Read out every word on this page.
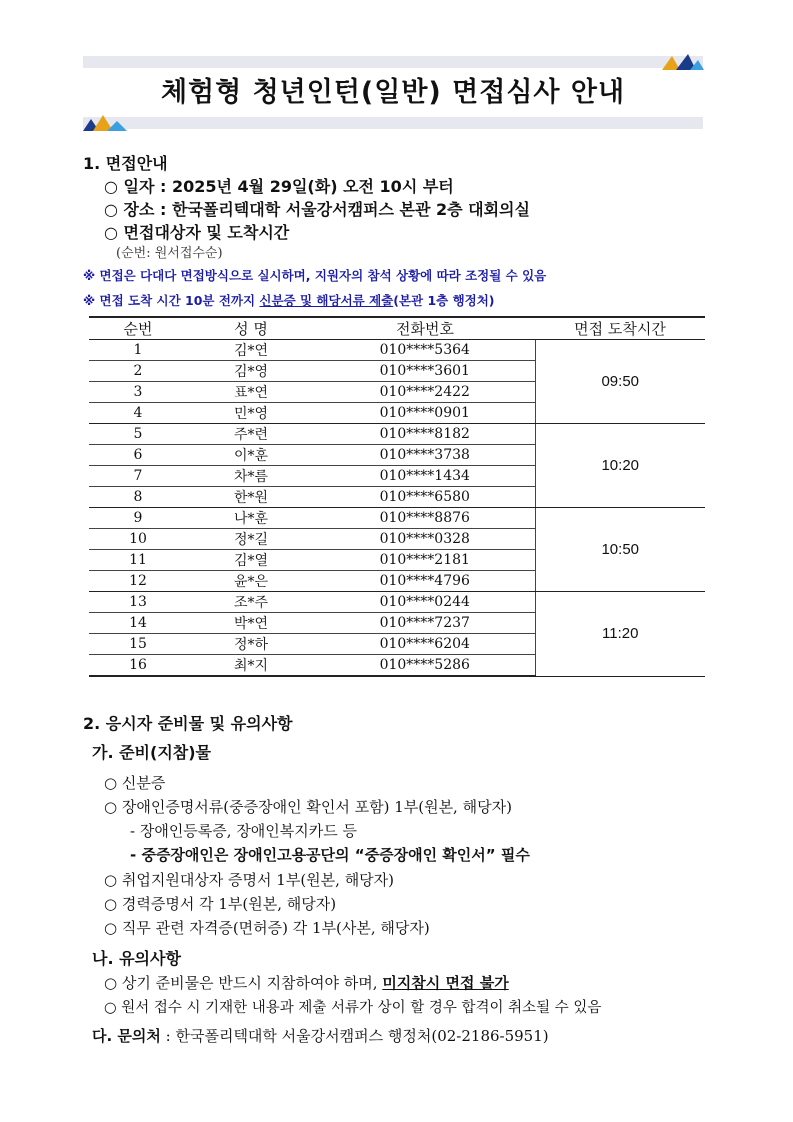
체험형 청년인턴(일반) 면접심사 안내
1. 면접안내
○ 일자 : 2025년 4월 29일(화) 오전 10시 부터
○ 장소 : 한국폴리텍대학 서울강서캠퍼스 본관 2층 대회의실
○ 면접대상자 및 도착시간
(순번: 원서접수순)
※ 면접은 다대다 면접방식으로 실시하며, 지원자의 참석 상황에 따라 조정될 수 있음
※ 면접 도착 시간 10분 전까지 신분증 및 해당서류 제출(본관 1층 행정처)
순번	성 명	전화번호	면접 도착시간
1	김*연	010****5364	09:50
2	김*영	010****3601	
3	표*연	010****2422	
4	민*영	010****0901	
5	주*련	010****8182	10:20
6	이*훈	010****3738	
7	차*름	010****1434	
8	한*원	010****6580	
9	나*훈	010****8876	10:50
10	정*길	010****0328	
11	김*열	010****2181	
12	윤*은	010****4796	
13	조*주	010****0244	11:20
14	박*연	010****7237	
15	정*하	010****6204	
16	최*지	010****5286	
2. 응시자 준비물 및 유의사항
가. 준비(지참)물
○ 신분증
○ 장애인증명서류(중증장애인 확인서 포함) 1부(원본, 해당자)
- 장애인등록증, 장애인복지카드 등
- 중증장애인은 장애인고용공단의 “중증장애인 확인서” 필수
○ 취업지원대상자 증명서 1부(원본, 해당자)
○ 경력증명서 각 1부(원본, 해당자)
○ 직무 관련 자격증(면허증) 각 1부(사본, 해당자)
나. 유의사항
○ 상기 준비물은 반드시 지참하여야 하며, 미지참시 면접 불가
○ 원서 접수 시 기재한 내용과 제출 서류가 상이 할 경우 합격이 취소될 수 있음
다. 문의처 : 한국폴리텍대학 서울강서캠퍼스 행정처(02-2186-5951)
